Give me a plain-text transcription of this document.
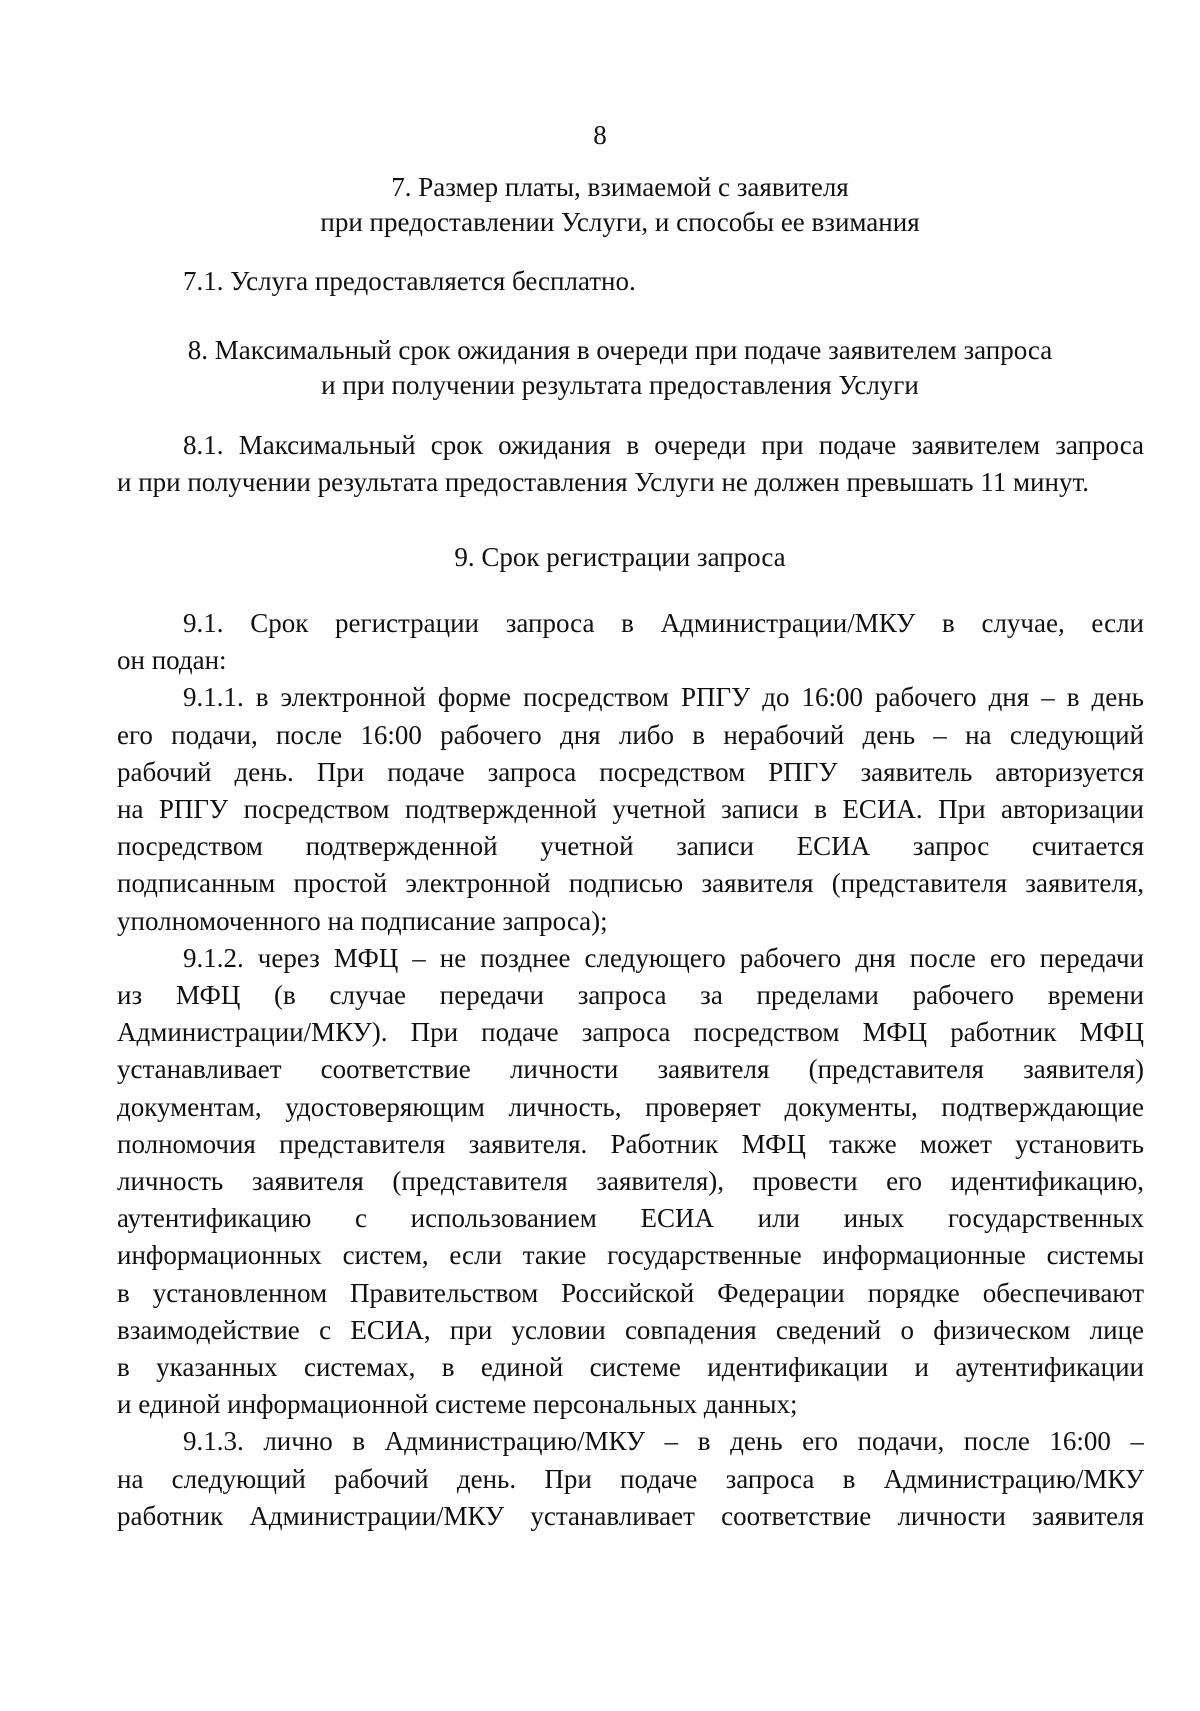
8
7. Размер платы, взимаемой с заявителя
при предоставлении Услуги, и способы ее взимания
7.1. Услуга предоставляется бесплатно.
8. Максимальный срок ожидания в очереди при подаче заявителем запроса
и при получении результата предоставления Услуги
8.1. Максимальный срок ожидания в очереди при подаче заявителем запроса
и при получении результата предоставления Услуги не должен превышать 11 минут.
9. Срок регистрации запроса
9.1. Срок регистрации запроса в Администрации/МКУ в случае, если
он подан:
9.1.1. в электронной форме посредством РПГУ до 16:00 рабочего дня – в день
его подачи, после 16:00 рабочего дня либо в нерабочий день – на следующий
рабочий день. При подаче запроса посредством РПГУ заявитель авторизуется
на РПГУ посредством подтвержденной учетной записи в ЕСИА. При авторизации
посредством подтвержденной учетной записи ЕСИА запрос считается
подписанным простой электронной подписью заявителя (представителя заявителя,
уполномоченного на подписание запроса);
9.1.2. через МФЦ – не позднее следующего рабочего дня после его передачи
из МФЦ (в случае передачи запроса за пределами рабочего времени
Администрации/МКУ). При подаче запроса посредством МФЦ работник МФЦ
устанавливает соответствие личности заявителя (представителя заявителя)
документам, удостоверяющим личность, проверяет документы, подтверждающие
полномочия представителя заявителя. Работник МФЦ также может установить
личность заявителя (представителя заявителя), провести его идентификацию,
аутентификацию с использованием ЕСИА или иных государственных
информационных систем, если такие государственные информационные системы
в установленном Правительством Российской Федерации порядке обеспечивают
взаимодействие с ЕСИА, при условии совпадения сведений о физическом лице
в указанных системах, в единой системе идентификации и аутентификации
и единой информационной системе персональных данных;
9.1.3. лично в Администрацию/МКУ – в день его подачи, после 16:00 –
на следующий рабочий день. При подаче запроса в Администрацию/МКУ
работник Администрации/МКУ устанавливает соответствие личности заявителя
